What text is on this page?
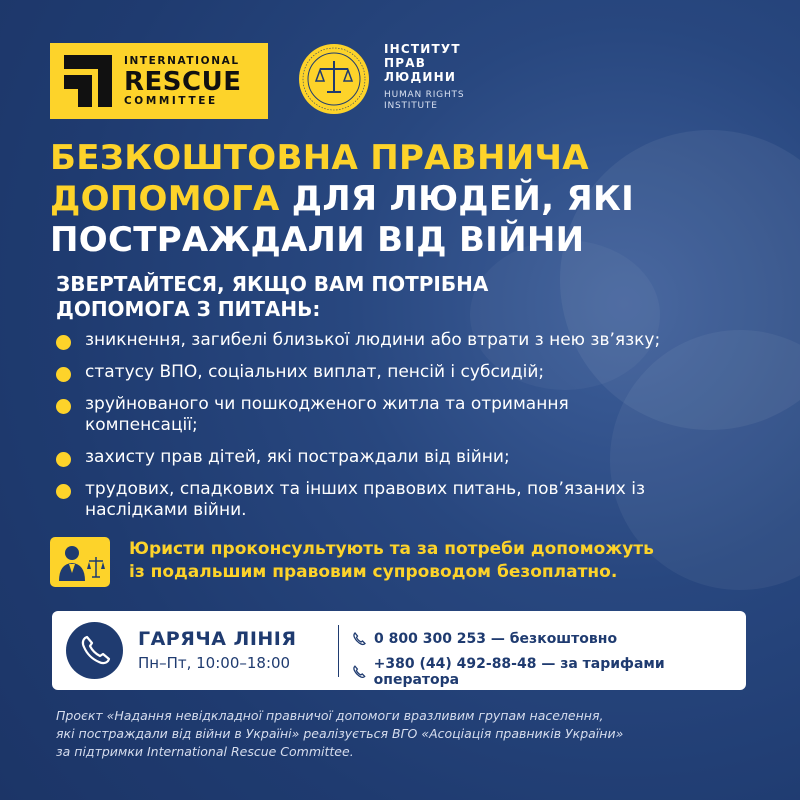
INTERNATIONAL
RESCUE
COMMITTEE
ІНСТИТУТ
ПРАВ
ЛЮДИНИ
HUMAN RIGHTS
INSTITUTE
БЕЗКОШТОВНА ПРАВНИЧА
ДОПОМОГА ДЛЯ ЛЮДЕЙ, ЯКІ
ПОСТРАЖДАЛИ ВІД ВІЙНИ
ЗВЕРТАЙТЕСЯ, ЯКЩО ВАМ ПОТРІБНА
ДОПОМОГА З ПИТАНЬ:
зникнення, загибелі близької людини або втрати з нею зв’язку;
статусу ВПО, соціальних виплат, пенсій і субсидій;
зруйнованого чи пошкодженого житла та отримання компенсації;
захисту прав дітей, які постраждали від війни;
трудових, спадкових та інших правових питань, пов’язаних із наслідками війни.
Юристи проконсультують та за потреби допоможуть
із подальшим правовим супроводом безоплатно.
ГАРЯЧА ЛІНІЯ
Пн–Пт, 10:00–18:00
0 800 300 253 — безкоштовно
+380 (44) 492-88-48 — за тарифами оператора
Проєкт «Надання невідкладної правничої допомоги вразливим групам населення,
які постраждали від війни в Україні» реалізується ВГО «Асоціація правників України»
за підтримки International Rescue Committee.
